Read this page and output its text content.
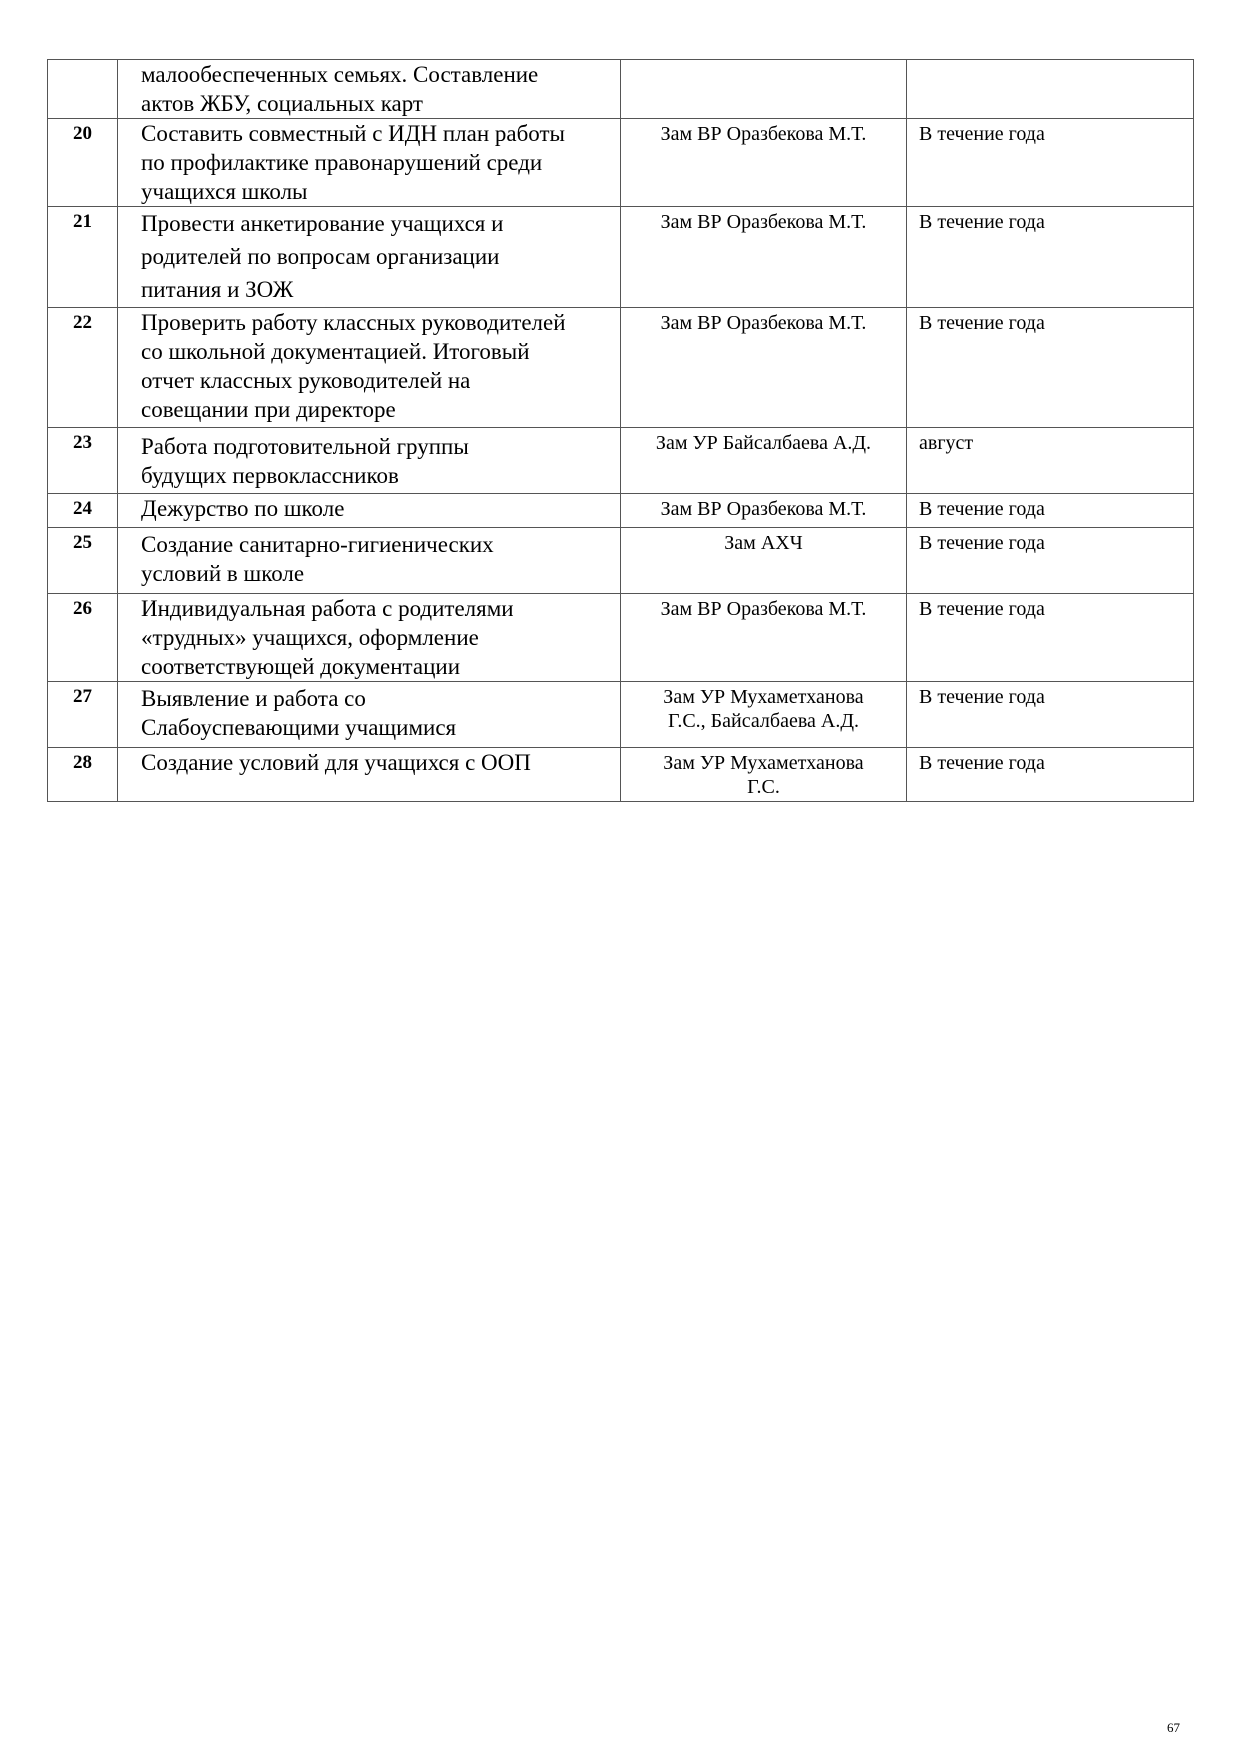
	малообеспеченных семьях. Составление
актов ЖБУ, социальных карт		

20	Составить совместный с ИДН план работы
по профилактике правонарушений среди
учащихся школы	Зам ВР Оразбекова М.Т.	В течение года
21	Провести анкетирование учащихся и
родителей по вопросам организации
питания и ЗОЖ	Зам ВР Оразбекова М.Т.	В течение года
22	Проверить работу классных руководителей
со школьной документацией. Итоговый
отчет классных руководителей на
совещании при директоре	Зам ВР Оразбекова М.Т.	В течение года
23	Работа подготовительной группы
будущих первоклассников	Зам УР Байсалбаева А.Д.	август
24	Дежурство по школе	Зам ВР Оразбекова М.Т.	В течение года
25	Создание санитарно-гигиенических
условий в школе	Зам АХЧ	В течение года
26	Индивидуальная работа с родителями
«трудных» учащихся, оформление
соответствующей документации	Зам ВР Оразбекова М.Т.	В течение года
27	Выявление и работа со
Слабоуспевающими учащимися	Зам УР Мухаметханова
Г.С., Байсалбаева А.Д.	В течение года
28	Создание условий для учащихся с ООП	Зам УР Мухаметханова
Г.С.	В течение года
67
